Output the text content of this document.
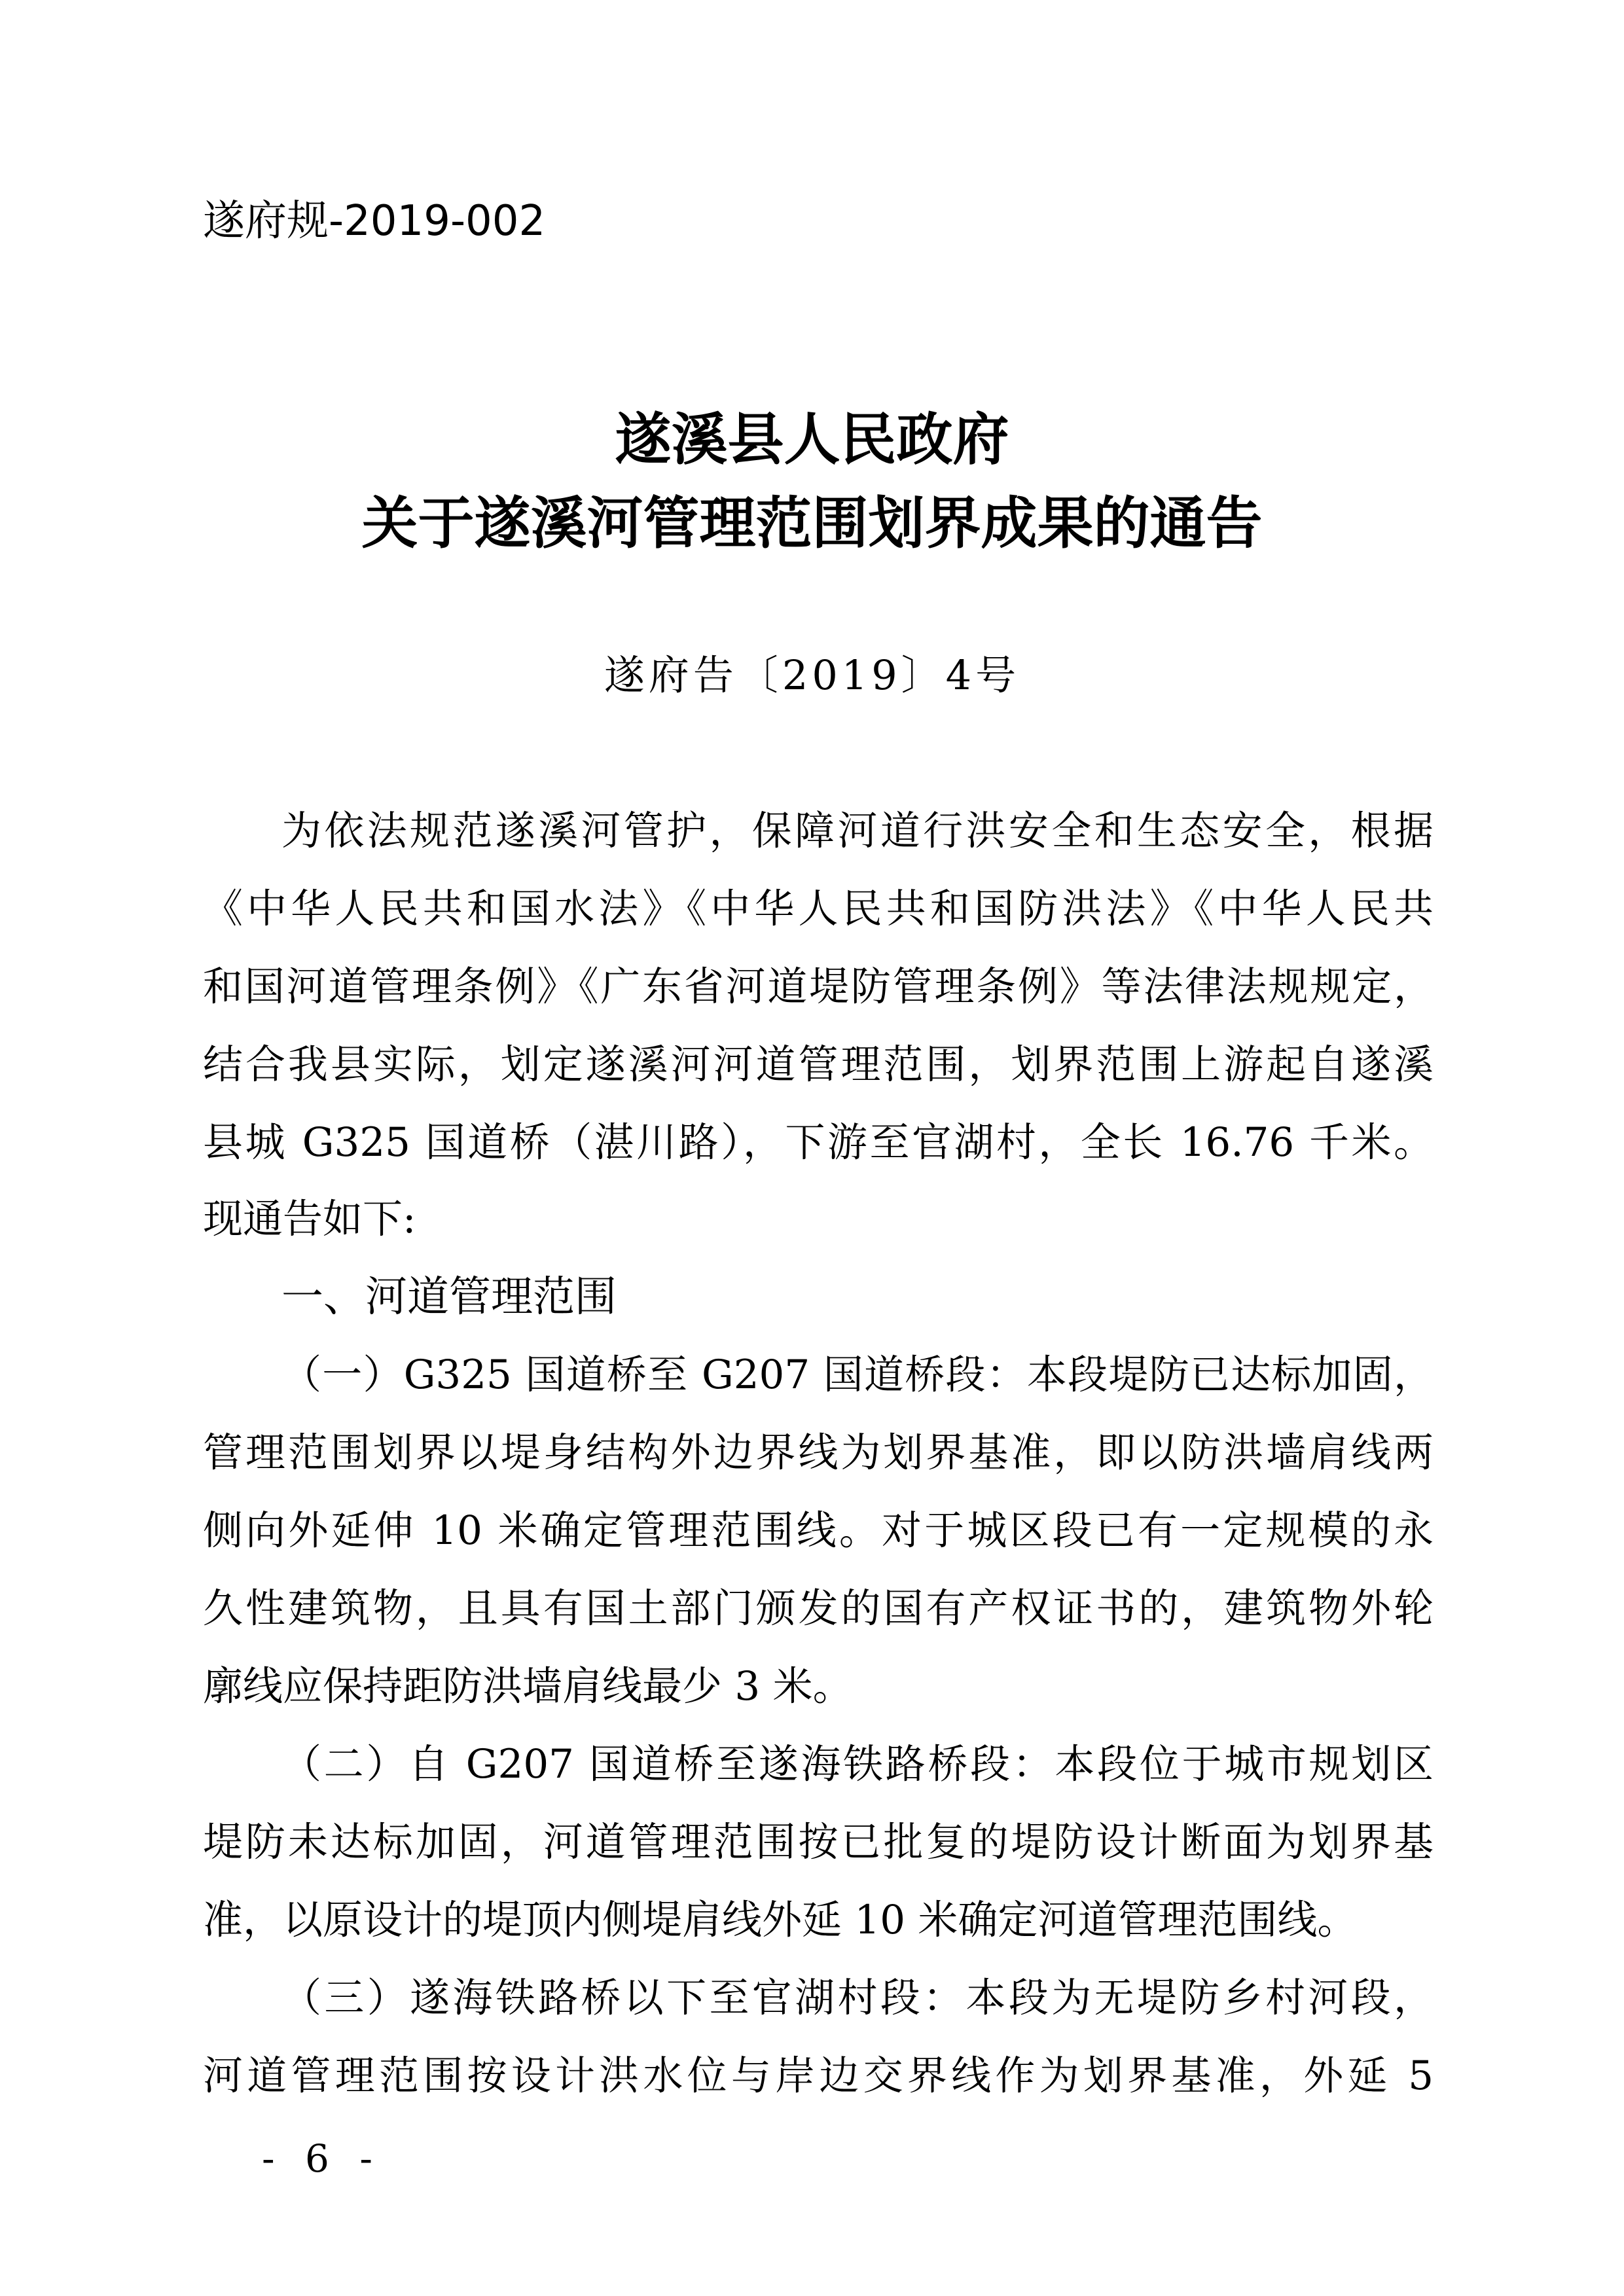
遂府规-2019-002
遂溪县人民政府
关于遂溪河管理范围划界成果的通告
遂府告〔2019〕4号
为依法规范遂溪河管护，保障河道行洪安全和生态安全，根据
《中华人民共和国水法》《中华人民共和国防洪法》《中华人民共
和国河道管理条例》《广东省河道堤防管理条例》等法律法规规定，
结合我县实际，划定遂溪河河道管理范围，划界范围上游起自遂溪
县城 G325 国道桥（湛川路），下游至官湖村，全长 16.76 千米。
现通告如下:
一、河道管理范围
（一）G325 国道桥至 G207 国道桥段：本段堤防已达标加固，
管理范围划界以堤身结构外边界线为划界基准，即以防洪墙肩线两
侧向外延伸 10 米确定管理范围线。对于城区段已有一定规模的永
久性建筑物，且具有国土部门颁发的国有产权证书的，建筑物外轮
廓线应保持距防洪墙肩线最少 3 米。
（二）自 G207 国道桥至遂海铁路桥段：本段位于城市规划区
堤防未达标加固，河道管理范围按已批复的堤防设计断面为划界基
准，以原设计的堤顶内侧堤肩线外延 10 米确定河道管理范围线。
（三）遂海铁路桥以下至官湖村段：本段为无堤防乡村河段，
河道管理范围按设计洪水位与岸边交界线作为划界基准，外延 5
- 6 -
